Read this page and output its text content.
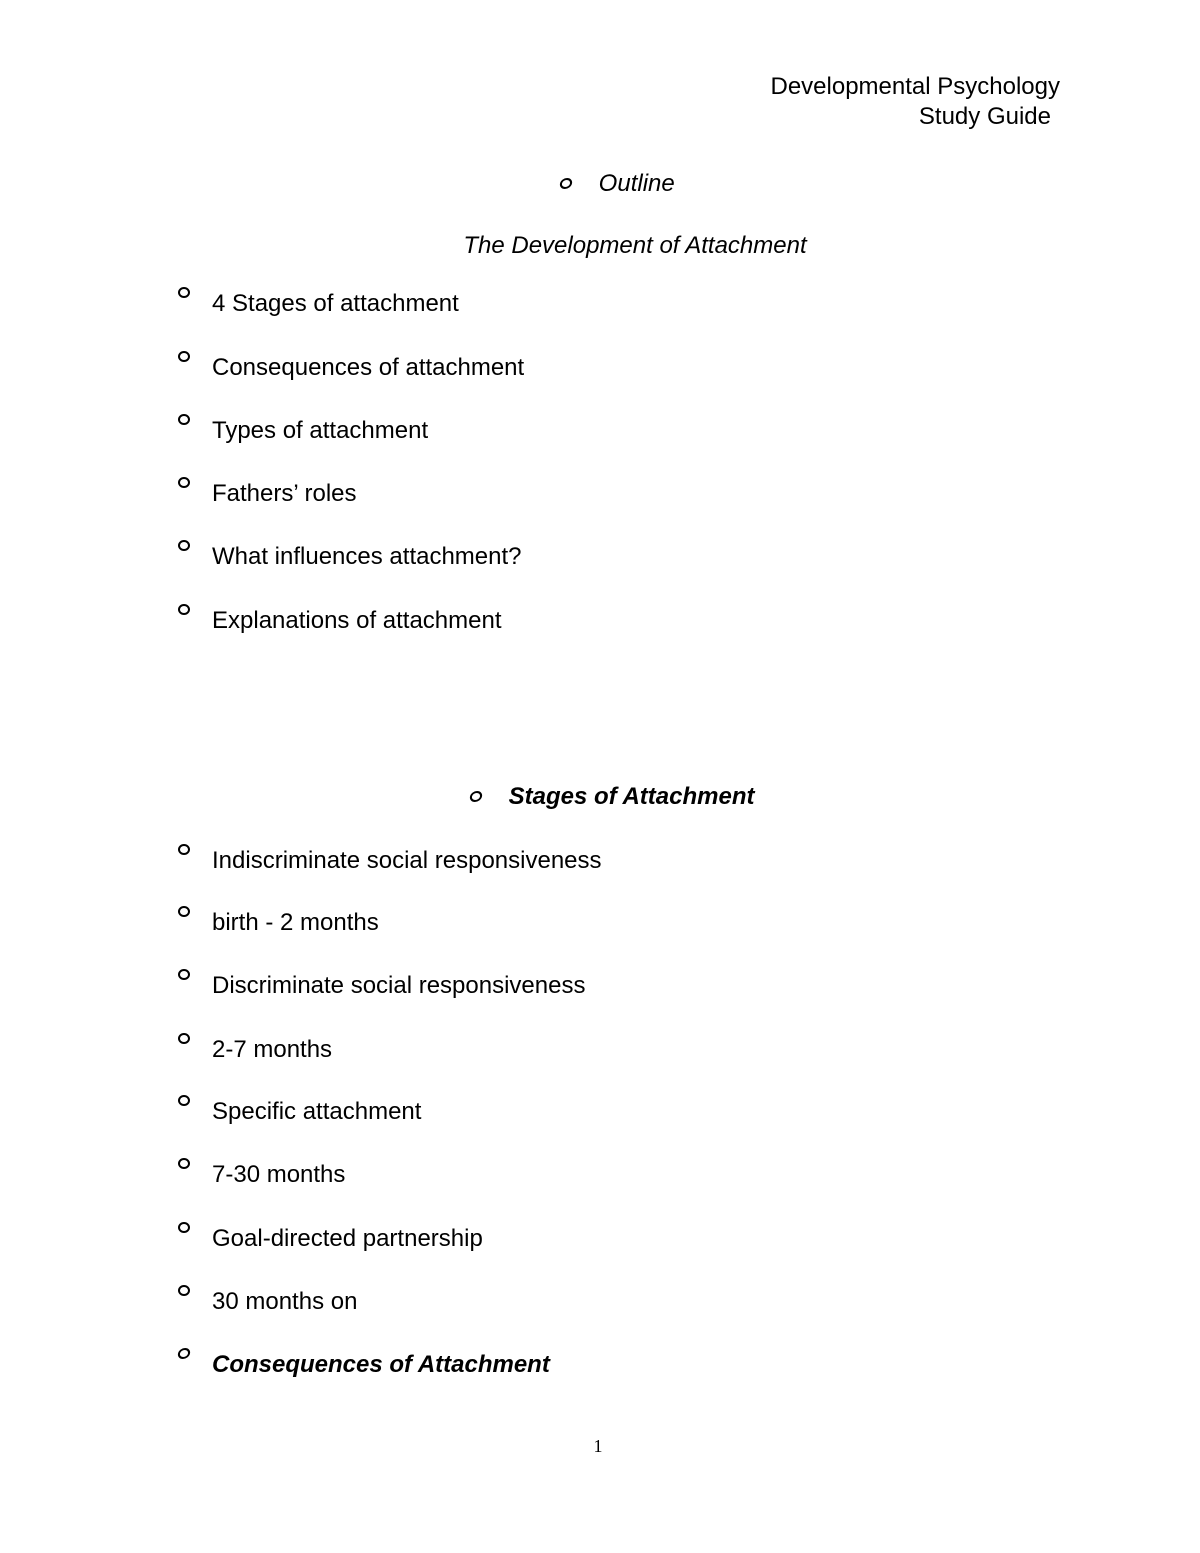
Developmental Psychology
Study Guide
Outline
The Development of Attachment
4 Stages of attachment
Consequences of attachment
Types of attachment
Fathers’ roles
What influences attachment?
Explanations of attachment
Stages of Attachment
Indiscriminate social responsiveness
birth - 2 months
Discriminate social responsiveness
2-7 months
Specific attachment
7-30 months
Goal-directed partnership
30 months on
Consequences of Attachment
1
